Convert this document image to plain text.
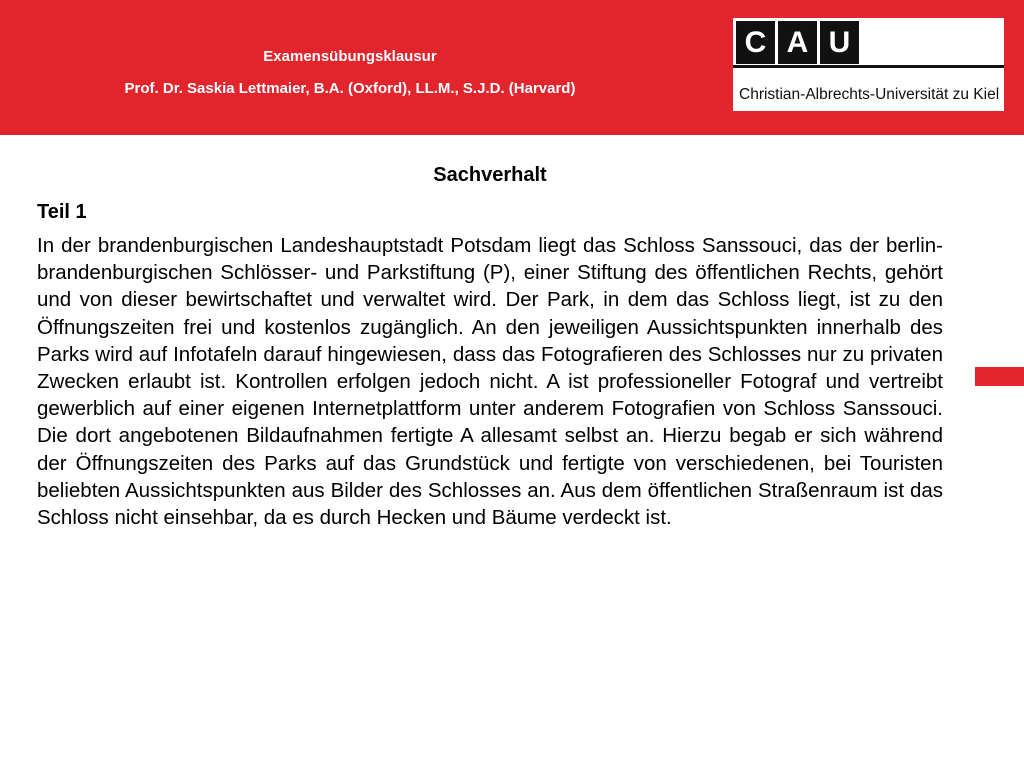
Examensübungsklausur

Prof. Dr. Saskia Lettmaier, B.A. (Oxford), LL.M., S.J.D. (Harvard)

C A U
Christian-Albrechts-Universität zu Kiel

Sachverhalt

Teil 1

In der brandenburgischen Landeshauptstadt Potsdam liegt das Schloss Sanssouci, das der berlin-brandenburgischen Schlösser- und Parkstiftung (P), einer Stiftung des öffentlichen Rechts, gehört und von dieser bewirtschaftet und verwaltet wird. Der Park, in dem das Schloss liegt, ist zu den Öffnungszeiten frei und kostenlos zugänglich. An den jeweiligen Aussichtspunkten innerhalb des Parks wird auf Infotafeln darauf hingewiesen, dass das Fotografieren des Schlosses nur zu privaten Zwecken erlaubt ist. Kontrollen erfolgen jedoch nicht. A ist professioneller Fotograf und vertreibt gewerblich auf einer eigenen Internetplattform unter anderem Fotografien von Schloss Sanssouci. Die dort angebotenen Bildaufnahmen fertigte A allesamt selbst an. Hierzu begab er sich während der Öffnungszeiten des Parks auf das Grundstück und fertigte von verschiedenen, bei Touristen beliebten Aussichtspunkten aus Bilder des Schlosses an. Aus dem öffentlichen Straßenraum ist das Schloss nicht einsehbar, da es durch Hecken und Bäume verdeckt ist.
